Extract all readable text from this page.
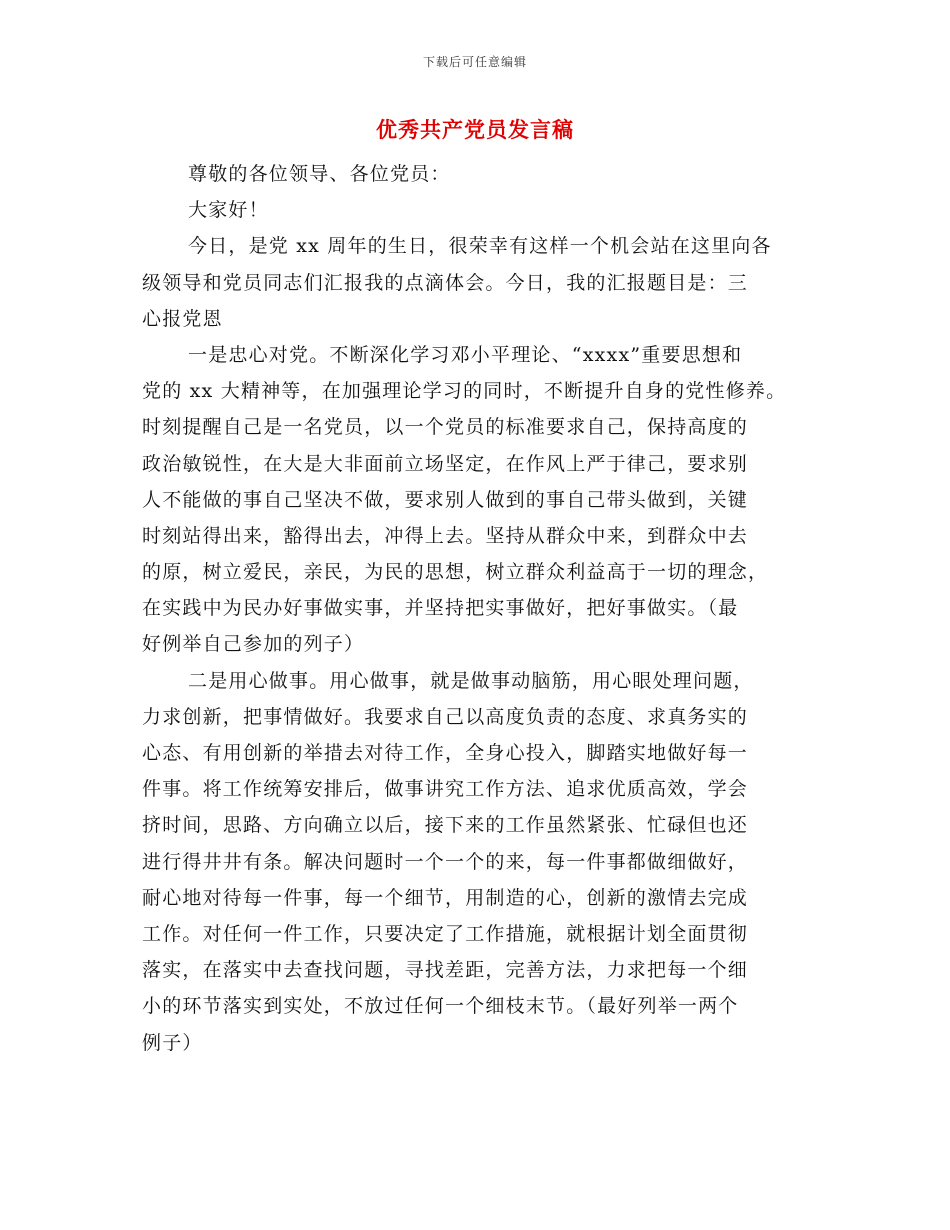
下载后可任意编辑
优秀共产党员发言稿
尊敬的各位领导、各位党员：
大家好！
今日，是党 xx 周年的生日，很荣幸有这样一个机会站在这里向各
级领导和党员同志们汇报我的点滴体会。今日，我的汇报题目是：三
心报党恩
一是忠心对党。不断深化学习邓小平理论、“xxxx”重要思想和
党的 xx 大精神等，在加强理论学习的同时，不断提升自身的党性修养。
时刻提醒自己是一名党员，以一个党员的标准要求自己，保持高度的
政治敏锐性，在大是大非面前立场坚定，在作风上严于律己，要求别
人不能做的事自己坚决不做，要求别人做到的事自己带头做到，关键
时刻站得出来，豁得出去，冲得上去。坚持从群众中来，到群众中去
的原，树立爱民，亲民，为民的思想，树立群众利益高于一切的理念，
在实践中为民办好事做实事，并坚持把实事做好，把好事做实。（最
好例举自己参加的列子）
二是用心做事。用心做事，就是做事动脑筋，用心眼处理问题，
力求创新，把事情做好。我要求自己以高度负责的态度、求真务实的
心态、有用创新的举措去对待工作，全身心投入，脚踏实地做好每一
件事。将工作统筹安排后，做事讲究工作方法、追求优质高效，学会
挤时间，思路、方向确立以后，接下来的工作虽然紧张、忙碌但也还
进行得井井有条。解决问题时一个一个的来，每一件事都做细做好，
耐心地对待每一件事，每一个细节，用制造的心，创新的激情去完成
工作。对任何一件工作，只要决定了工作措施，就根据计划全面贯彻
落实，在落实中去查找问题，寻找差距，完善方法，力求把每一个细
小的环节落实到实处，不放过任何一个细枝末节。（最好列举一两个
例子）
